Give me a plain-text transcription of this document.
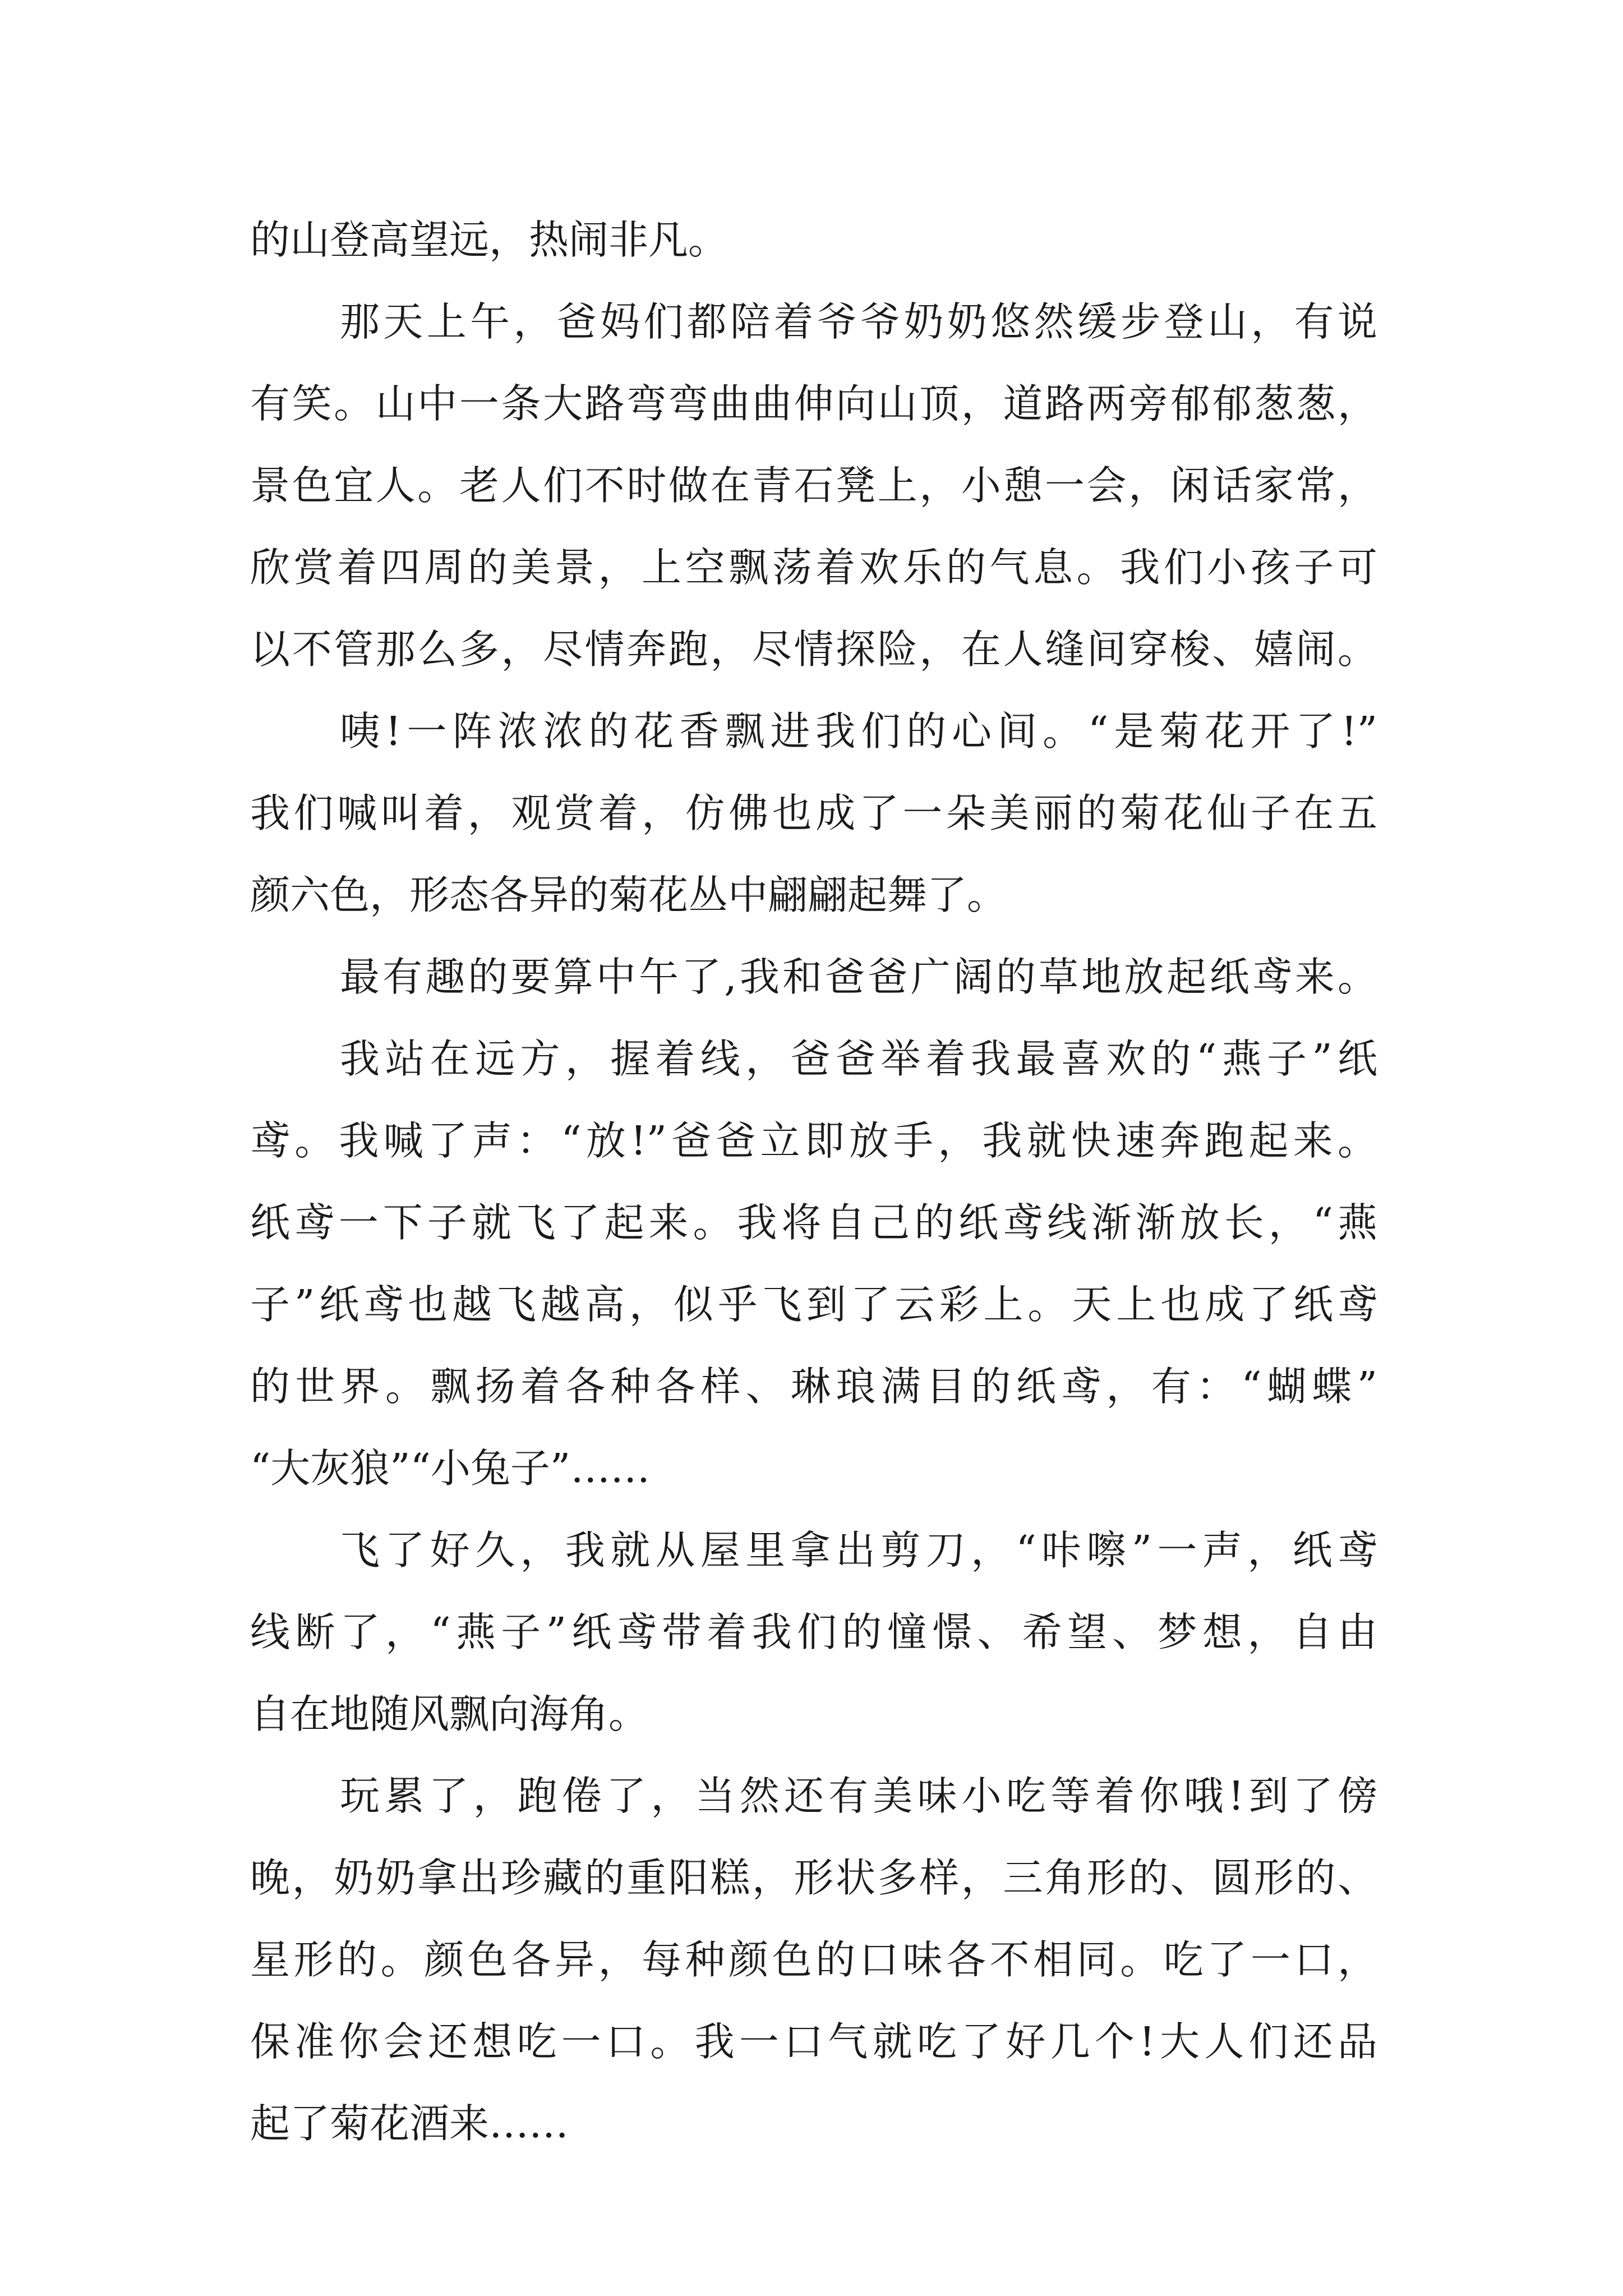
的山登高望远，热闹非凡。
那天上午，爸妈们都陪着爷爷奶奶悠然缓步登山，有说
有笑。山中一条大路弯弯曲曲伸向山顶，道路两旁郁郁葱葱，
景色宜人。老人们不时做在青石凳上，小憩一会，闲话家常，
欣赏着四周的美景，上空飘荡着欢乐的气息。我们小孩子可
以不管那么多，尽情奔跑，尽情探险，在人缝间穿梭、嬉闹。
咦!一阵浓浓的花香飘进我们的心间。“是菊花开了!”
我们喊叫着，观赏着，仿佛也成了一朵美丽的菊花仙子在五
颜六色，形态各异的菊花丛中翩翩起舞了。
最有趣的要算中午了,我和爸爸广阔的草地放起纸鸢来。
我站在远方，握着线，爸爸举着我最喜欢的“燕子”纸
鸢。我喊了声：“放!”爸爸立即放手，我就快速奔跑起来。
纸鸢一下子就飞了起来。我将自己的纸鸢线渐渐放长，“燕
子”纸鸢也越飞越高，似乎飞到了云彩上。天上也成了纸鸢
的世界。飘扬着各种各样、琳琅满目的纸鸢，有：“蝴蝶”
“大灰狼”“小兔子”……
飞了好久，我就从屋里拿出剪刀，“咔嚓”一声，纸鸢
线断了，“燕子”纸鸢带着我们的憧憬、希望、梦想，自由
自在地随风飘向海角。
玩累了，跑倦了，当然还有美味小吃等着你哦!到了傍
晚，奶奶拿出珍藏的重阳糕，形状多样，三角形的、圆形的、
星形的。颜色各异，每种颜色的口味各不相同。吃了一口，
保准你会还想吃一口。我一口气就吃了好几个!大人们还品
起了菊花酒来……
